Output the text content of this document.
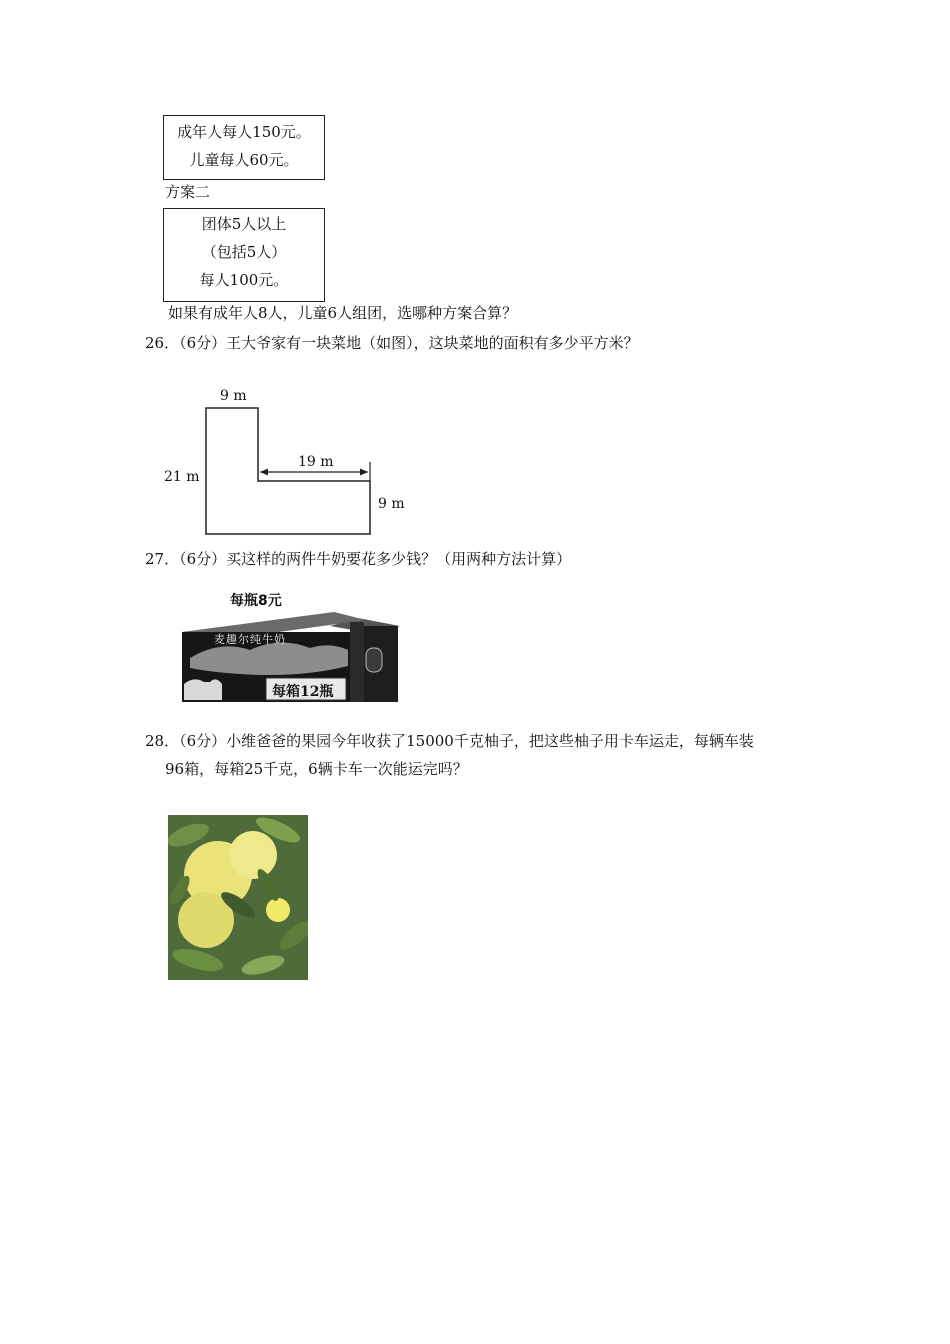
成年人每人150元。
儿童每人60元。
方案二
团体5人以上
（包括5人）
每人100元。
如果有成年人8人，儿童6人组团，选哪种方案合算？
26．（6分）王大爷家有一块菜地（如图），这块菜地的面积有多少平方米？
9 m
21 m
19 m
9 m
27．（6分）买这样的两件牛奶要花多少钱？（用两种方法计算）
每瓶8元
麦趣尔纯牛奶
每箱12瓶
28．（6分）小维爸爸的果园今年收获了15000千克柚子，把这些柚子用卡车运走，每辆车装
96箱，每箱25千克，6辆卡车一次能运完吗？
